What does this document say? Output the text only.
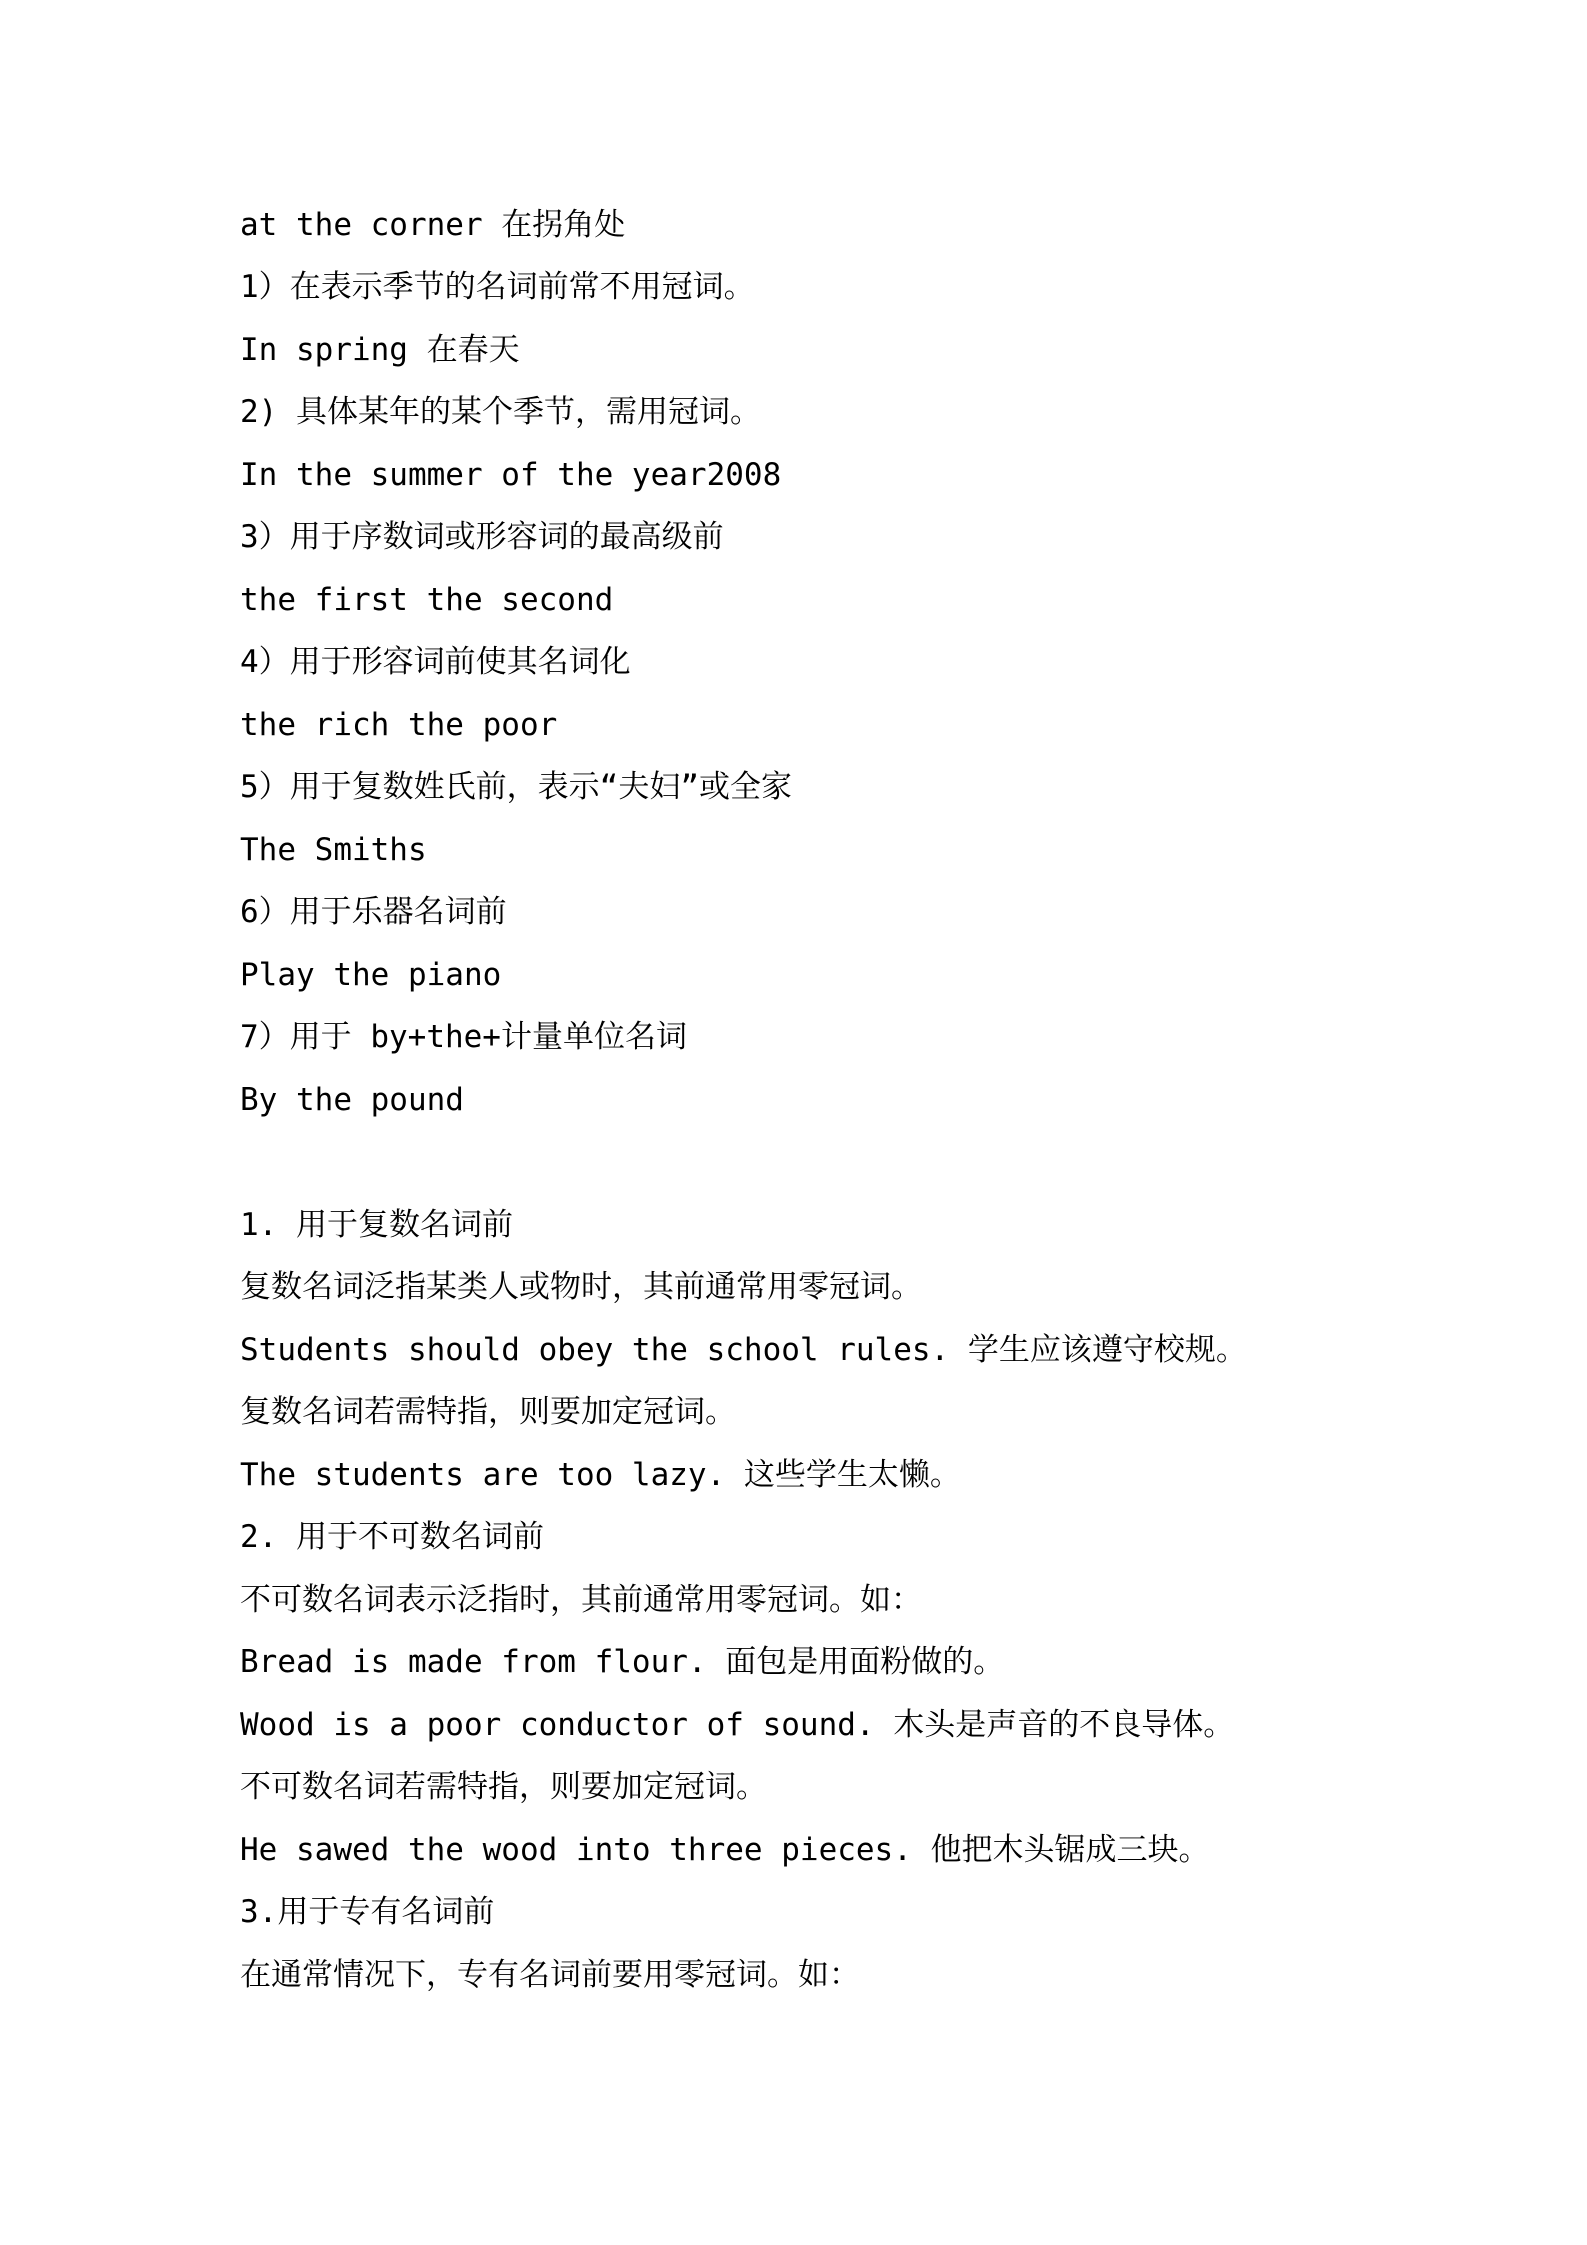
at the corner 在拐角处
1）在表示季节的名词前常不用冠词。
In spring 在春天
2) 具体某年的某个季节，需用冠词。
In the summer of the year2008
3）用于序数词或形容词的最高级前
the first the second
4）用于形容词前使其名词化
the rich the poor
5）用于复数姓氏前，表示“夫妇”或全家
The Smiths
6）用于乐器名词前
Play the piano
7）用于 by+the+计量单位名词
By the pound
1. 用于复数名词前
复数名词泛指某类人或物时，其前通常用零冠词。
Students should obey the school rules. 学生应该遵守校规。
复数名词若需特指，则要加定冠词。
The students are too lazy. 这些学生太懒。
2. 用于不可数名词前
不可数名词表示泛指时，其前通常用零冠词。如：
Bread is made from flour. 面包是用面粉做的。
Wood is a poor conductor of sound. 木头是声音的不良导体。
不可数名词若需特指，则要加定冠词。
He sawed the wood into three pieces. 他把木头锯成三块。
3.用于专有名词前
在通常情况下，专有名词前要用零冠词。如：
